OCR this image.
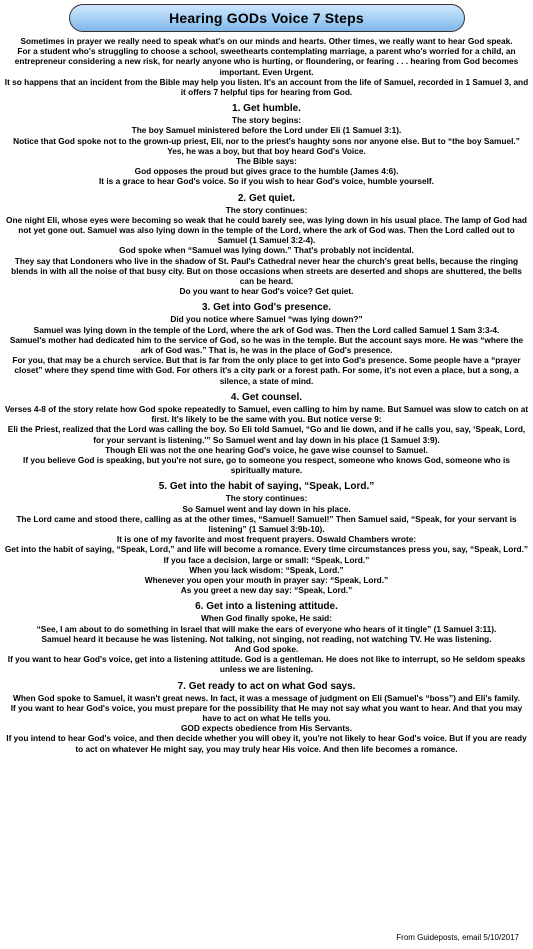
Hearing GODs Voice 7 Steps

Sometimes in prayer we really need to speak what's on our minds and hearts. Other times, we really want to hear God speak.

For a student who's struggling to choose a school, sweethearts contemplating marriage, a parent who's worried for a child, an entrepreneur considering a new risk, for nearly anyone who is hurting, or floundering, or fearing . . . hearing from God becomes important. Even Urgent.

It so happens that an incident from the Bible may help you listen. It's an account from the life of Samuel, recorded in 1 Samuel 3, and it offers 7 helpful tips for hearing from God.

1. Get humble.

The story begins:

The boy Samuel ministered before the Lord under Eli (1 Samuel 3:1).

Notice that God spoke not to the grown-up priest, Eli, nor to the priest's haughty sons nor anyone else. But to “the boy Samuel.” Yes, he was a boy, but that boy heard God's Voice.

The Bible says:

God opposes the proud but gives grace to the humble (James 4:6).

It is a grace to hear God's voice. So if you wish to hear God's voice, humble yourself.

2. Get quiet.

The story continues:

One night Eli, whose eyes were becoming so weak that he could barely see, was lying down in his usual place. The lamp of God had not yet gone out. Samuel was also lying down in the temple of the Lord, where the ark of God was. Then the Lord called out to Samuel (1 Samuel 3:2-4).

God spoke when “Samuel was lying down.” That's probably not incidental.

They say that Londoners who live in the shadow of St. Paul's Cathedral never hear the church's great bells, because the ringing blends in with all the noise of that busy city. But on those occasions when streets are deserted and shops are shuttered, the bells can be heard.

Do you want to hear God's voice? Get quiet.

3. Get into God's presence.

Did you notice where Samuel “was lying down?”

Samuel was lying down in the temple of the Lord, where the ark of God was. Then the Lord called Samuel 1 Sam 3:3-4.

Samuel's mother had dedicated him to the service of God, so he was in the temple. But the account says more. He was “where the ark of God was.” That is, he was in the place of God's presence.

For you, that may be a church service. But that is far from the only place to get into God's presence. Some people have a “prayer closet” where they spend time with God. For others it's a city park or a forest path. For some, it's not even a place, but a song, a silence, a state of mind.

4. Get counsel.

Verses 4-8 of the story relate how God spoke repeatedly to Samuel, even calling to him by name. But Samuel was slow to catch on at first. It's likely to be the same with you. But notice verse 9:

Eli the Priest, realized that the Lord was calling the boy. So Eli told Samuel, “Go and lie down, and if he calls you, say, ‘Speak, Lord, for your servant is listening.'” So Samuel went and lay down in his place (1 Samuel 3:9).

Though Eli was not the one hearing God's voice, he gave wise counsel to Samuel.

If you believe God is speaking, but you're not sure, go to someone you respect, someone who knows God, someone who is spiritually mature.

5. Get into the habit of saying, “Speak, Lord.”

The story continues:

So Samuel went and lay down in his place.

The Lord came and stood there, calling as at the other times, “Samuel! Samuel!” Then Samuel said, “Speak, for your servant is listening” (1 Samuel 3:9b-10).

It is one of my favorite and most frequent prayers. Oswald Chambers wrote:

Get into the habit of saying, “Speak, Lord,” and life will become a romance. Every time circumstances press you, say, “Speak, Lord.”

If you face a decision, large or small: “Speak, Lord.”

When you lack wisdom: “Speak, Lord.”

Whenever you open your mouth in prayer say: “Speak, Lord.”

As you greet a new day say: “Speak, Lord.”

6. Get into a listening attitude.

When God finally spoke, He said:

“See, I am about to do something in Israel that will make the ears of everyone who hears of it tingle” (1 Samuel 3:11).

Samuel heard it because he was listening. Not talking, not singing, not reading, not watching TV. He was listening.

And God spoke.

If you want to hear God's voice, get into a listening attitude. God is a gentleman. He does not like to interrupt, so He seldom speaks unless we are listening.

7. Get ready to act on what God says.

When God spoke to Samuel, it wasn't great news. In fact, it was a message of judgment on Eli (Samuel's “boss”) and Eli's family.

If you want to hear God's voice, you must prepare for the possibility that He may not say what you want to hear. And that you may have to act on what He tells you.

GOD expects obedience from His Servants.

If you intend to hear God's voice, and then decide whether you will obey it, you're not likely to hear God's voice. But if you are ready to act on whatever He might say, you may truly hear His voice. And then life becomes a romance.

From Guideposts, email 5/10/2017
